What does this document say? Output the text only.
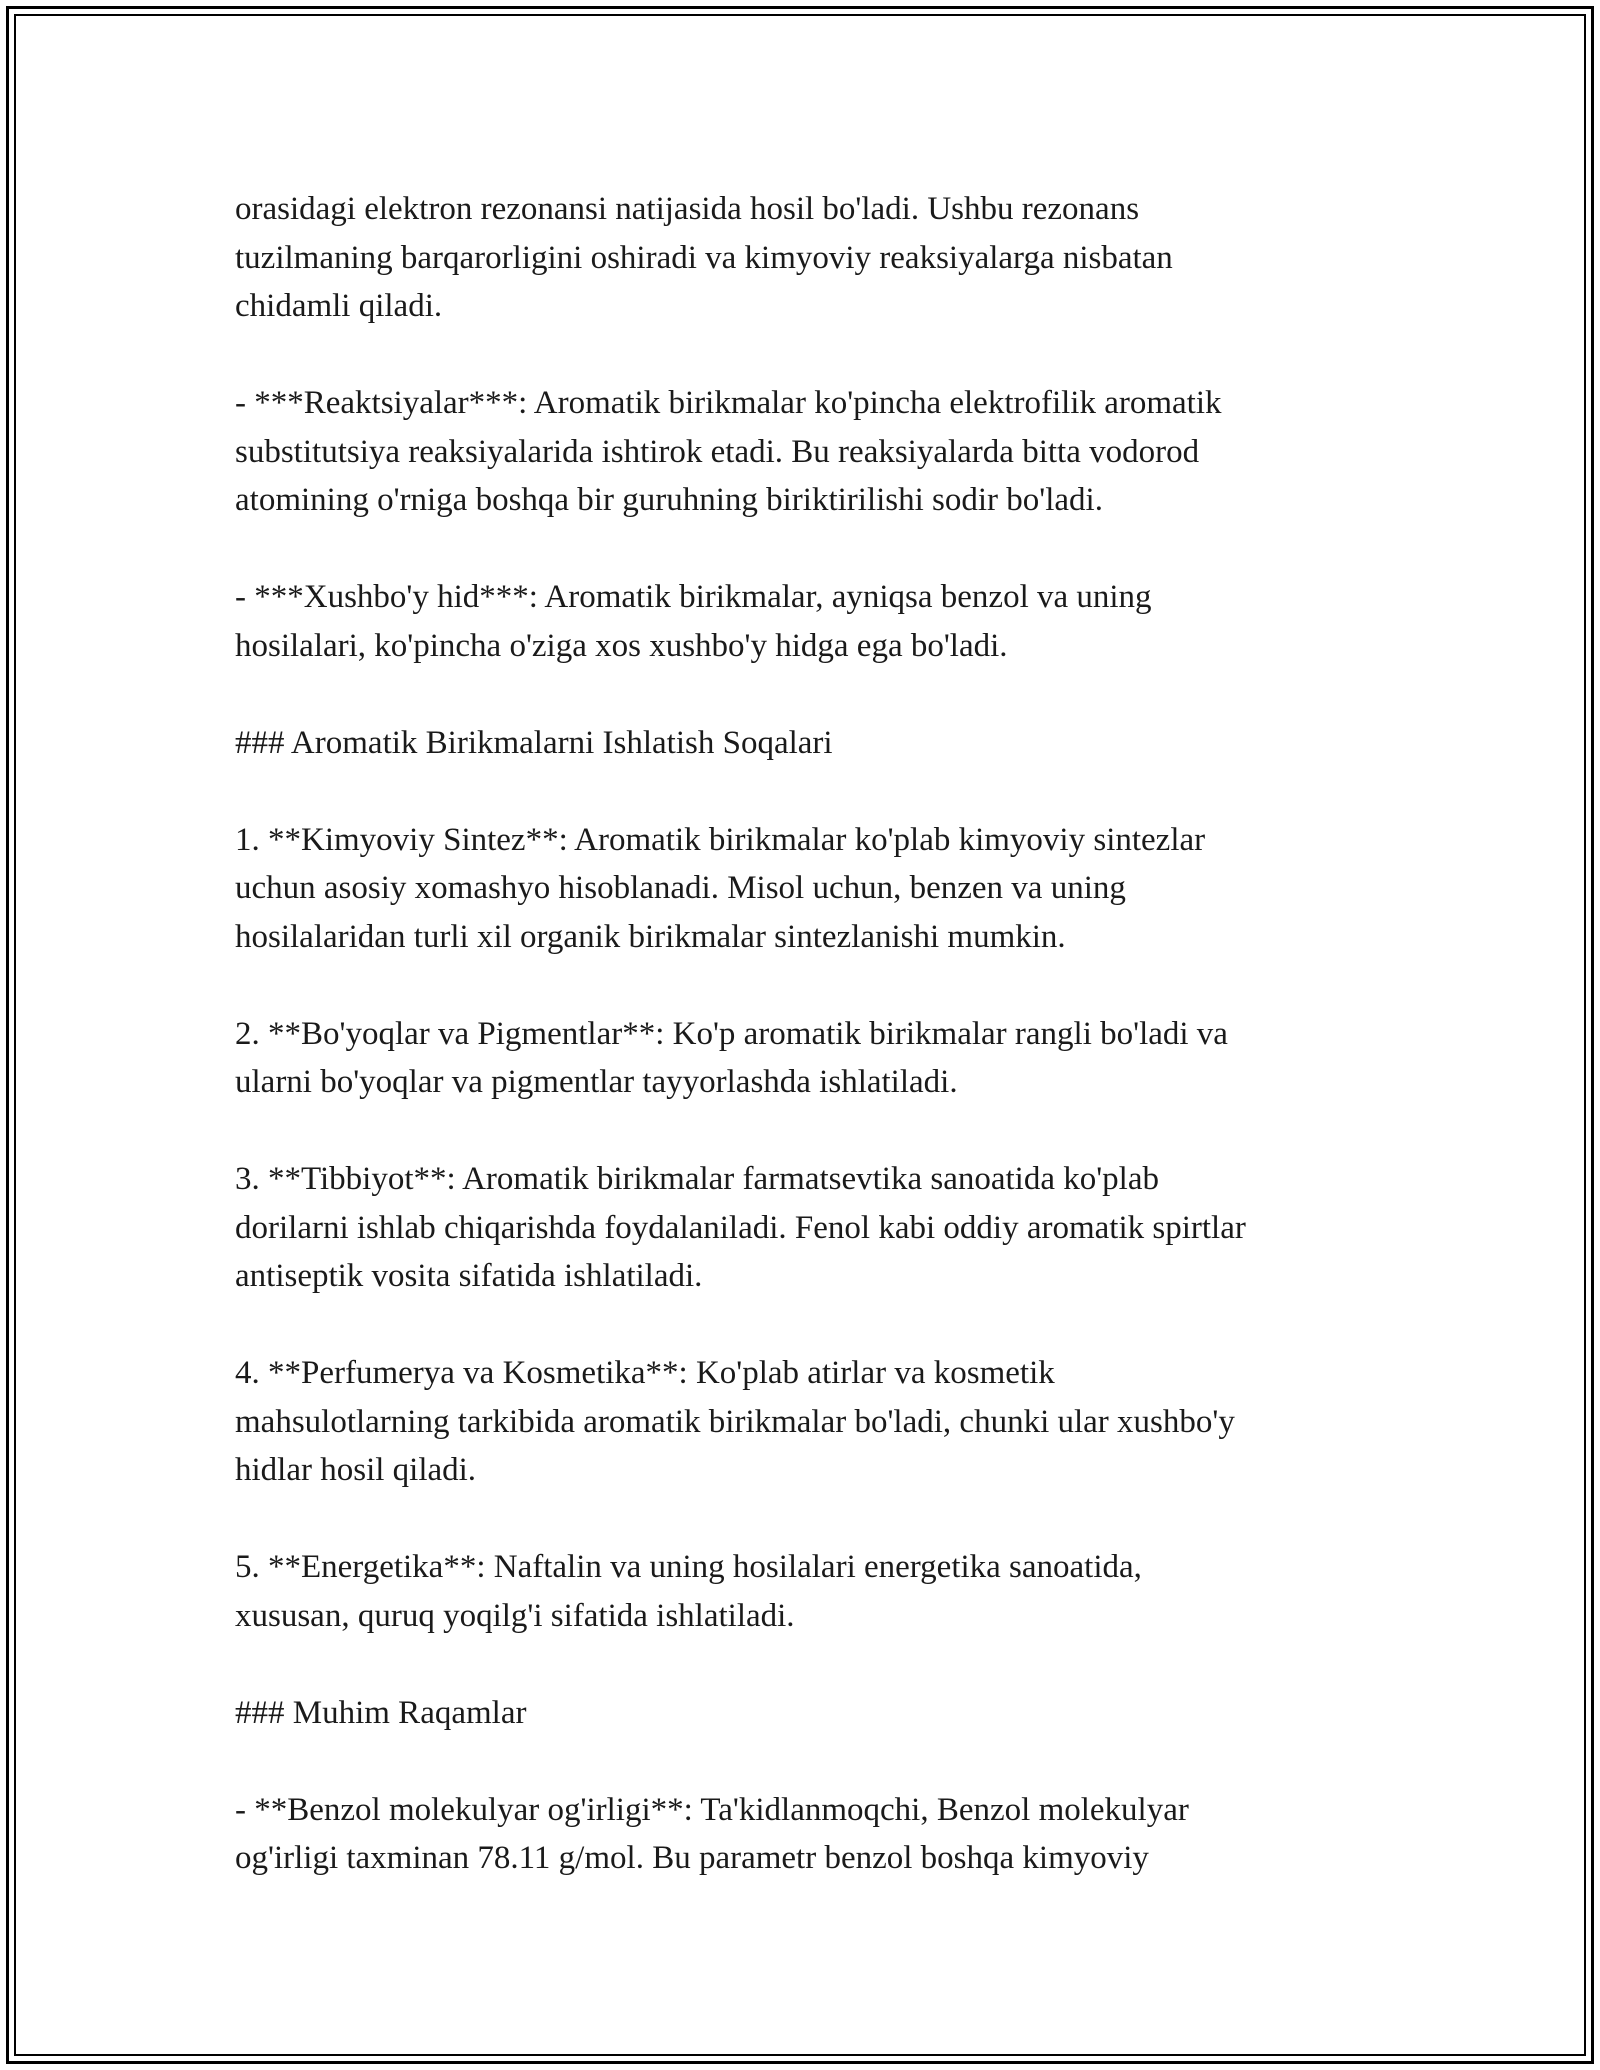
orasidagi elektron rezonansi natijasida hosil bo'ladi. Ushbu rezonans
tuzilmaning barqarorligini oshiradi va kimyoviy reaksiyalarga nisbatan
chidamli qiladi.

- ***Reaktsiyalar***: Aromatik birikmalar ko'pincha elektrofilik aromatik
substitutsiya reaksiyalarida ishtirok etadi. Bu reaksiyalarda bitta vodorod
atomining o'rniga boshqa bir guruhning biriktirilishi sodir bo'ladi.

- ***Xushbo'y hid***: Aromatik birikmalar, ayniqsa benzol va uning
hosilalari, ko'pincha o'ziga xos xushbo'y hidga ega bo'ladi.

### Aromatik Birikmalarni Ishlatish Soqalari

1. **Kimyoviy Sintez**: Aromatik birikmalar ko'plab kimyoviy sintezlar
uchun asosiy xomashyo hisoblanadi. Misol uchun, benzen va uning
hosilalaridan turli xil organik birikmalar sintezlanishi mumkin.

2. **Bo'yoqlar va Pigmentlar**: Ko'p aromatik birikmalar rangli bo'ladi va
ularni bo'yoqlar va pigmentlar tayyorlashda ishlatiladi.

3. **Tibbiyot**: Aromatik birikmalar farmatsevtika sanoatida ko'plab
dorilarni ishlab chiqarishda foydalaniladi. Fenol kabi oddiy aromatik spirtlar
antiseptik vosita sifatida ishlatiladi.

4. **Perfumerya va Kosmetika**: Ko'plab atirlar va kosmetik
mahsulotlarning tarkibida aromatik birikmalar bo'ladi, chunki ular xushbo'y
hidlar hosil qiladi.

5. **Energetika**: Naftalin va uning hosilalari energetika sanoatida,
xususan, quruq yoqilg'i sifatida ishlatiladi.

### Muhim Raqamlar

- **Benzol molekulyar og'irligi**: Ta'kidlanmoqchi, Benzol molekulyar
og'irligi taxminan 78.11 g/mol. Bu parametr benzol boshqa kimyoviy
